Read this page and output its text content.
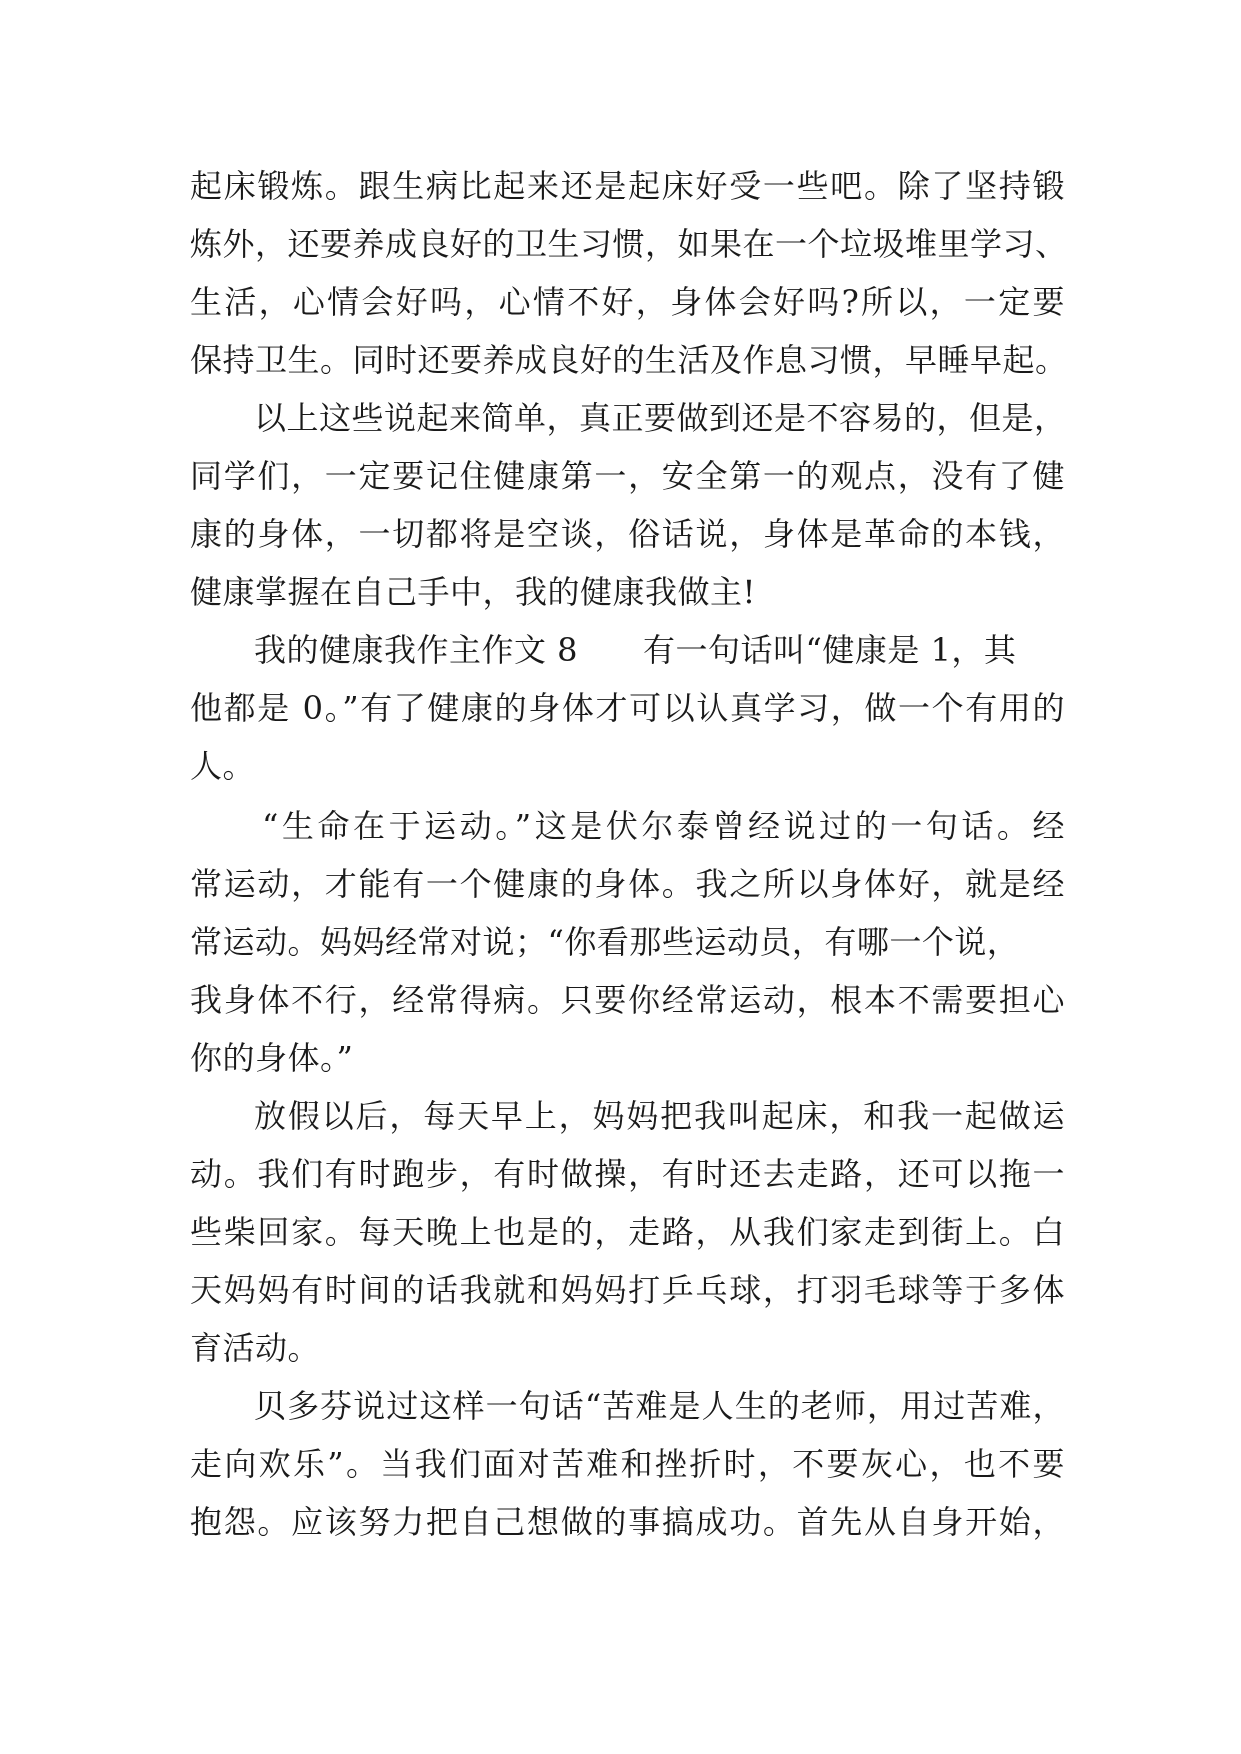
起床锻炼。跟生病比起来还是起床好受一些吧。除了坚持锻
炼外，还要养成良好的卫生习惯，如果在一个垃圾堆里学习、
生活，心情会好吗，心情不好，身体会好吗?所以，一定要
保持卫生。同时还要养成良好的生活及作息习惯，早睡早起。
以上这些说起来简单，真正要做到还是不容易的，但是，
同学们，一定要记住健康第一，安全第一的观点，没有了健
康的身体，一切都将是空谈，俗话说，身体是革命的本钱，
健康掌握在自己手中，我的健康我做主!
我的健康我作主作文 8　　有一句话叫“健康是 1，其
他都是 0。”有了健康的身体才可以认真学习，做一个有用的
人。
“生命在于运动。”这是伏尔泰曾经说过的一句话。经
常运动，才能有一个健康的身体。我之所以身体好，就是经
常运动。妈妈经常对说；“你看那些运动员，有哪一个说，
我身体不行，经常得病。只要你经常运动，根本不需要担心
你的身体。”
放假以后，每天早上，妈妈把我叫起床，和我一起做运
动。我们有时跑步，有时做操，有时还去走路，还可以拖一
些柴回家。每天晚上也是的，走路，从我们家走到街上。白
天妈妈有时间的话我就和妈妈打乒乓球，打羽毛球等于多体
育活动。
贝多芬说过这样一句话“苦难是人生的老师，用过苦难，
走向欢乐”。当我们面对苦难和挫折时，不要灰心，也不要
抱怨。应该努力把自己想做的事搞成功。首先从自身开始，
